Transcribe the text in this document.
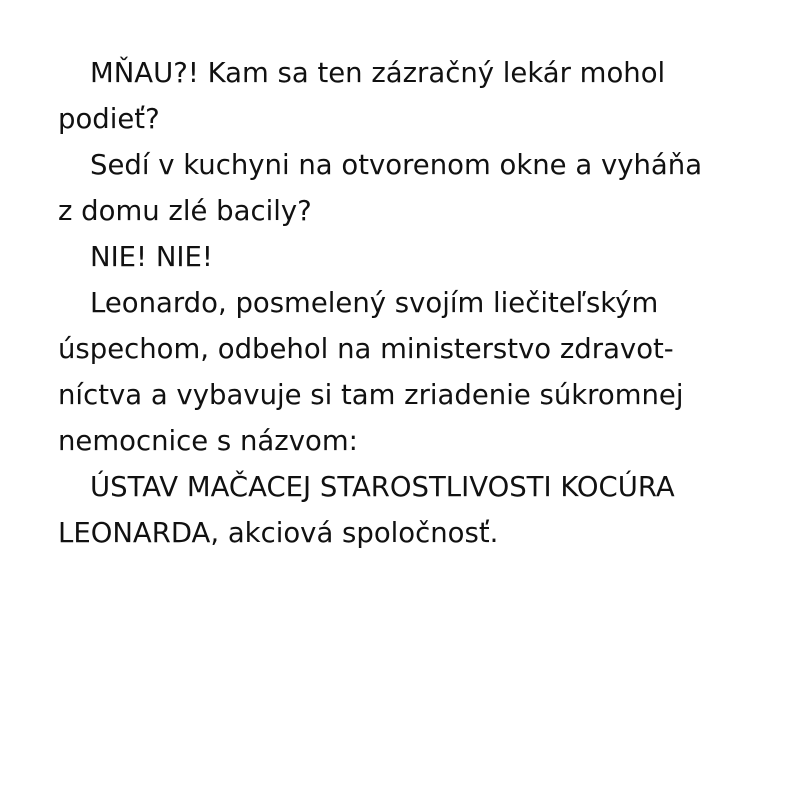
MŇAU?! Kam sa ten zázračný lekár mohol
podieť?
Sedí v kuchyni na otvorenom okne a vyháňa
z domu zlé bacily?
NIE! NIE!
Leonardo, posmelený svojím liečiteľským
úspechom, odbehol na ministerstvo zdravot-
níctva a vybavuje si tam zriadenie súkromnej
nemocnice s názvom:
ÚSTAV MAČACEJ STAROSTLIVOSTI KOCÚRA
LEONARDA, akciová spoločnosť.
